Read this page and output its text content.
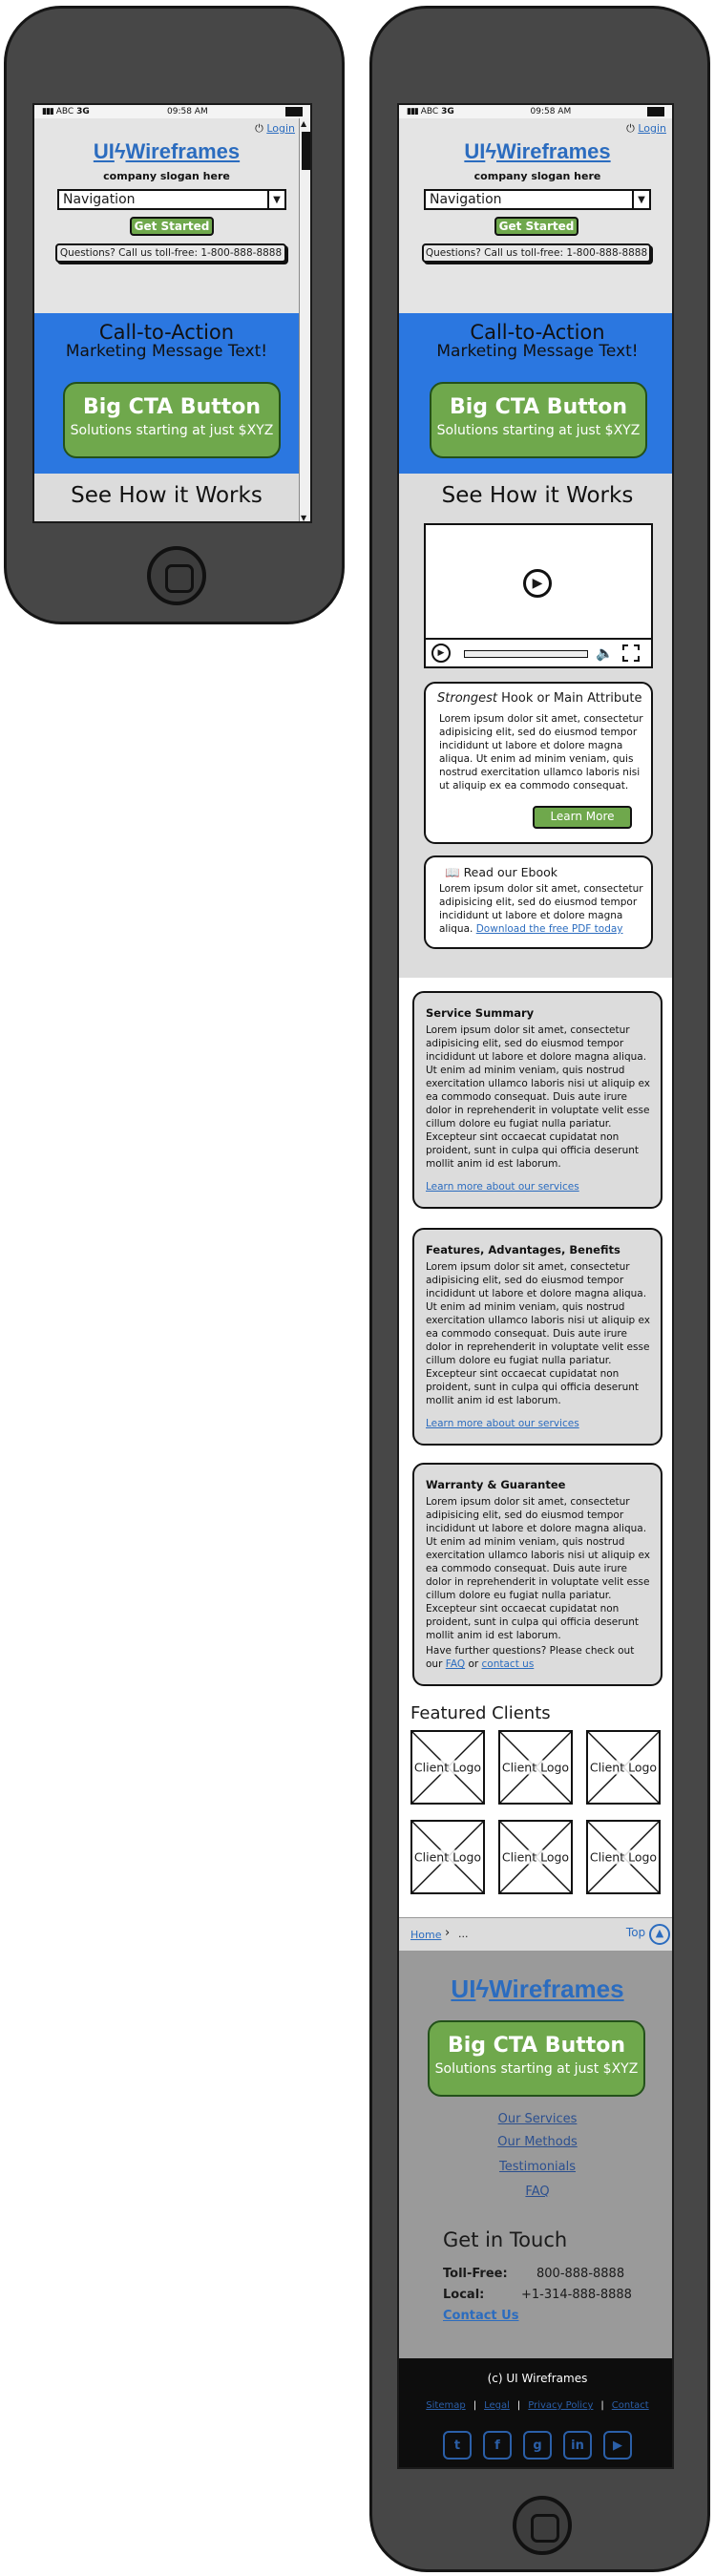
▮▮▮ ABC 3G	09:58 AM
⏻ Login
UIϟWireframes
company slogan here
Navigation	▼
Get Started
Questions? Call us toll-free: 1-800-888-8888
Call-to-Action
Marketing Message Text!
Big CTA Button
Solutions starting at just $XYZ
See How it Works
▲
▼
▮▮▮ ABC 3G	09:58 AM
⏻ Login
UIϟWireframes
company slogan here
Navigation	▼
Get Started
Questions? Call us toll-free: 1-800-888-8888
Call-to-Action
Marketing Message Text!
Big CTA Button
Solutions starting at just $XYZ
See How it Works
▶
▶	🔈
Strongest Hook or Main Attribute
Lorem ipsum dolor sit amet, consectetur adipisicing elit, sed do eiusmod tempor incididunt ut labore et dolore magna aliqua. Ut enim ad minim veniam, quis nostrud exercitation ullamco laboris nisi ut aliquip ex ea commodo consequat.
Learn More
📖 Read our Ebook
Lorem ipsum dolor sit amet, consectetur adipisicing elit, sed do eiusmod tempor incididunt ut labore et dolore magna aliqua. Download the free PDF today
Service Summary
Lorem ipsum dolor sit amet, consectetur adipisicing elit, sed do eiusmod tempor incididunt ut labore et dolore magna aliqua. Ut enim ad minim veniam, quis nostrud exercitation ullamco laboris nisi ut aliquip ex ea commodo consequat. Duis aute irure dolor in reprehenderit in voluptate velit esse cillum dolore eu fugiat nulla pariatur. Excepteur sint occaecat cupidatat non proident, sunt in culpa qui officia deserunt mollit anim id est laborum.
Learn more about our services
Features, Advantages, Benefits
Lorem ipsum dolor sit amet, consectetur adipisicing elit, sed do eiusmod tempor incididunt ut labore et dolore magna aliqua. Ut enim ad minim veniam, quis nostrud exercitation ullamco laboris nisi ut aliquip ex ea commodo consequat. Duis aute irure dolor in reprehenderit in voluptate velit esse cillum dolore eu fugiat nulla pariatur. Excepteur sint occaecat cupidatat non proident, sunt in culpa qui officia deserunt mollit anim id est laborum.
Learn more about our services
Warranty & Guarantee
Lorem ipsum dolor sit amet, consectetur adipisicing elit, sed do eiusmod tempor incididunt ut labore et dolore magna aliqua. Ut enim ad minim veniam, quis nostrud exercitation ullamco laboris nisi ut aliquip ex ea commodo consequat. Duis aute irure dolor in reprehenderit in voluptate velit esse cillum dolore eu fugiat nulla pariatur. Excepteur sint occaecat cupidatat non proident, sunt in culpa qui officia deserunt mollit anim id est laborum.
Have further questions? Please check out our FAQ or contact us
Featured Clients
Client Logo Client Logo Client Logo
Client Logo Client Logo Client Logo
Home › ...	Top ▲
UIϟWireframes
Big CTA Button
Solutions starting at just $XYZ
Our Services
Our Methods
Testimonials
FAQ
Get in Touch
Toll-Free: 800-888-8888
Local:	+1-314-888-8888
Contact Us
(c) UI Wireframes
Sitemap | Legal | Privacy Policy | Contact
t	f	g	in	▶
